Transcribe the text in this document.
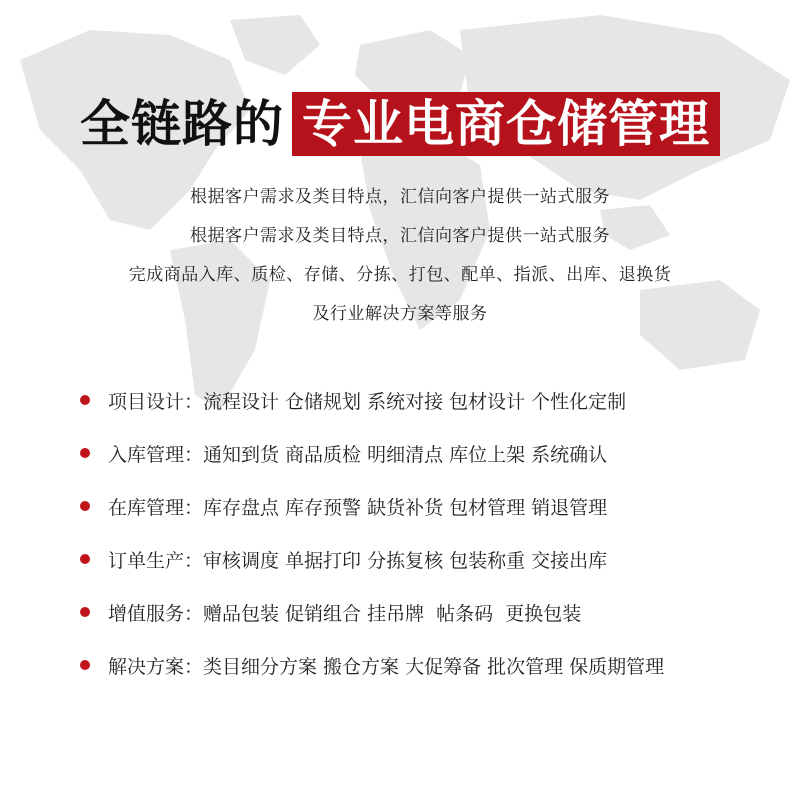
全链路的 专业电商仓储管理
根据客户需求及类目特点，汇信向客户提供一站式服务
根据客户需求及类目特点，汇信向客户提供一站式服务
完成商品入库、质检、存储、分拣、打包、配单、指派、出库、退换货
及行业解决方案等服务
项目设计： 流程设计 仓储规划 系统对接 包材设计 个性化定制
入库管理： 通知到货 商品质检 明细清点 库位上架 系统确认
在库管理： 库存盘点 库存预警 缺货补货 包材管理 销退管理
订单生产： 审核调度 单据打印 分拣复核 包装称重 交接出库
增值服务： 赠品包装 促销组合 挂吊牌  帖条码  更换包装
解决方案： 类目细分方案 搬仓方案 大促筹备 批次管理 保质期管理
